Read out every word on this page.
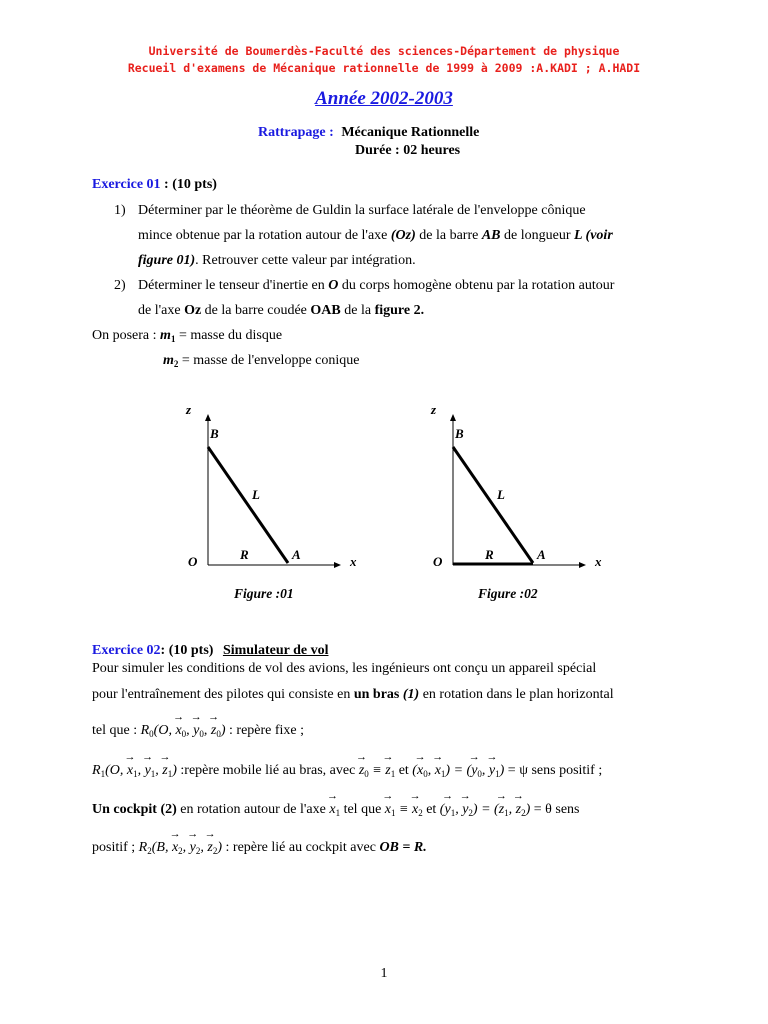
Université de Boumerdès-Faculté des sciences-Département de physique
Recueil d'examens de Mécanique rationnelle de 1999 à 2009 :A.KADI ; A.HADI
Année 2002-2003
Rattrapage : Mécanique Rationnelle
Durée : 02 heures
Exercice 01 : (10 pts)
1) Déterminer par le théorème de Guldin la surface latérale de l'enveloppe cônique
mince obtenue par la rotation autour de l'axe (Oz) de la barre AB de longueur L (voir
figure 01). Retrouver cette valeur par intégration.
2) Déterminer le tenseur d'inertie en O du corps homogène obtenu par la rotation autour
de l'axe Oz de la barre coudée OAB de la figure 2.
On posera : $m_1$ = masse du disque
$m_2$ = masse de l'enveloppe conique
z
B
L
R	A
O	x
Figure :01
z
B
L
R	A
O	x
Figure :02
Exercice 02: (10 pts) Simulateur de vol
Pour simuler les conditions de vol des avions, les ingénieurs ont conçu un appareil spécial
pour l'entraînement des pilotes qui consiste en un bras (1) en rotation dans le plan horizontal
tel que : $R_0(O$, → $x_0$, → $y_0$, → $z_0$) : repère fixe ;
$R_1(O$, → $x_1$, → $y_1$, → $z_1$) :repère mobile lié au bras, avec → $z_0$ ≡ → $z_1$ et (→ $x_0$, → $x_1$) = (→ $y_0$, → $y_1) = \psi$ sens positif ;
Un cockpit (2) en rotation autour de $l'axe \to x_1$ tel que → $x_1$ ≡ → $x_2$ et (→ $y_1$, → $y_2$) = (→ $z_1$, → $z_2) = \theta$ sens
positif ; $R_2(B$, → $x_2$, → $y_2$, → $z_2$) : repère lié au cockpit avec OB = R.
1
